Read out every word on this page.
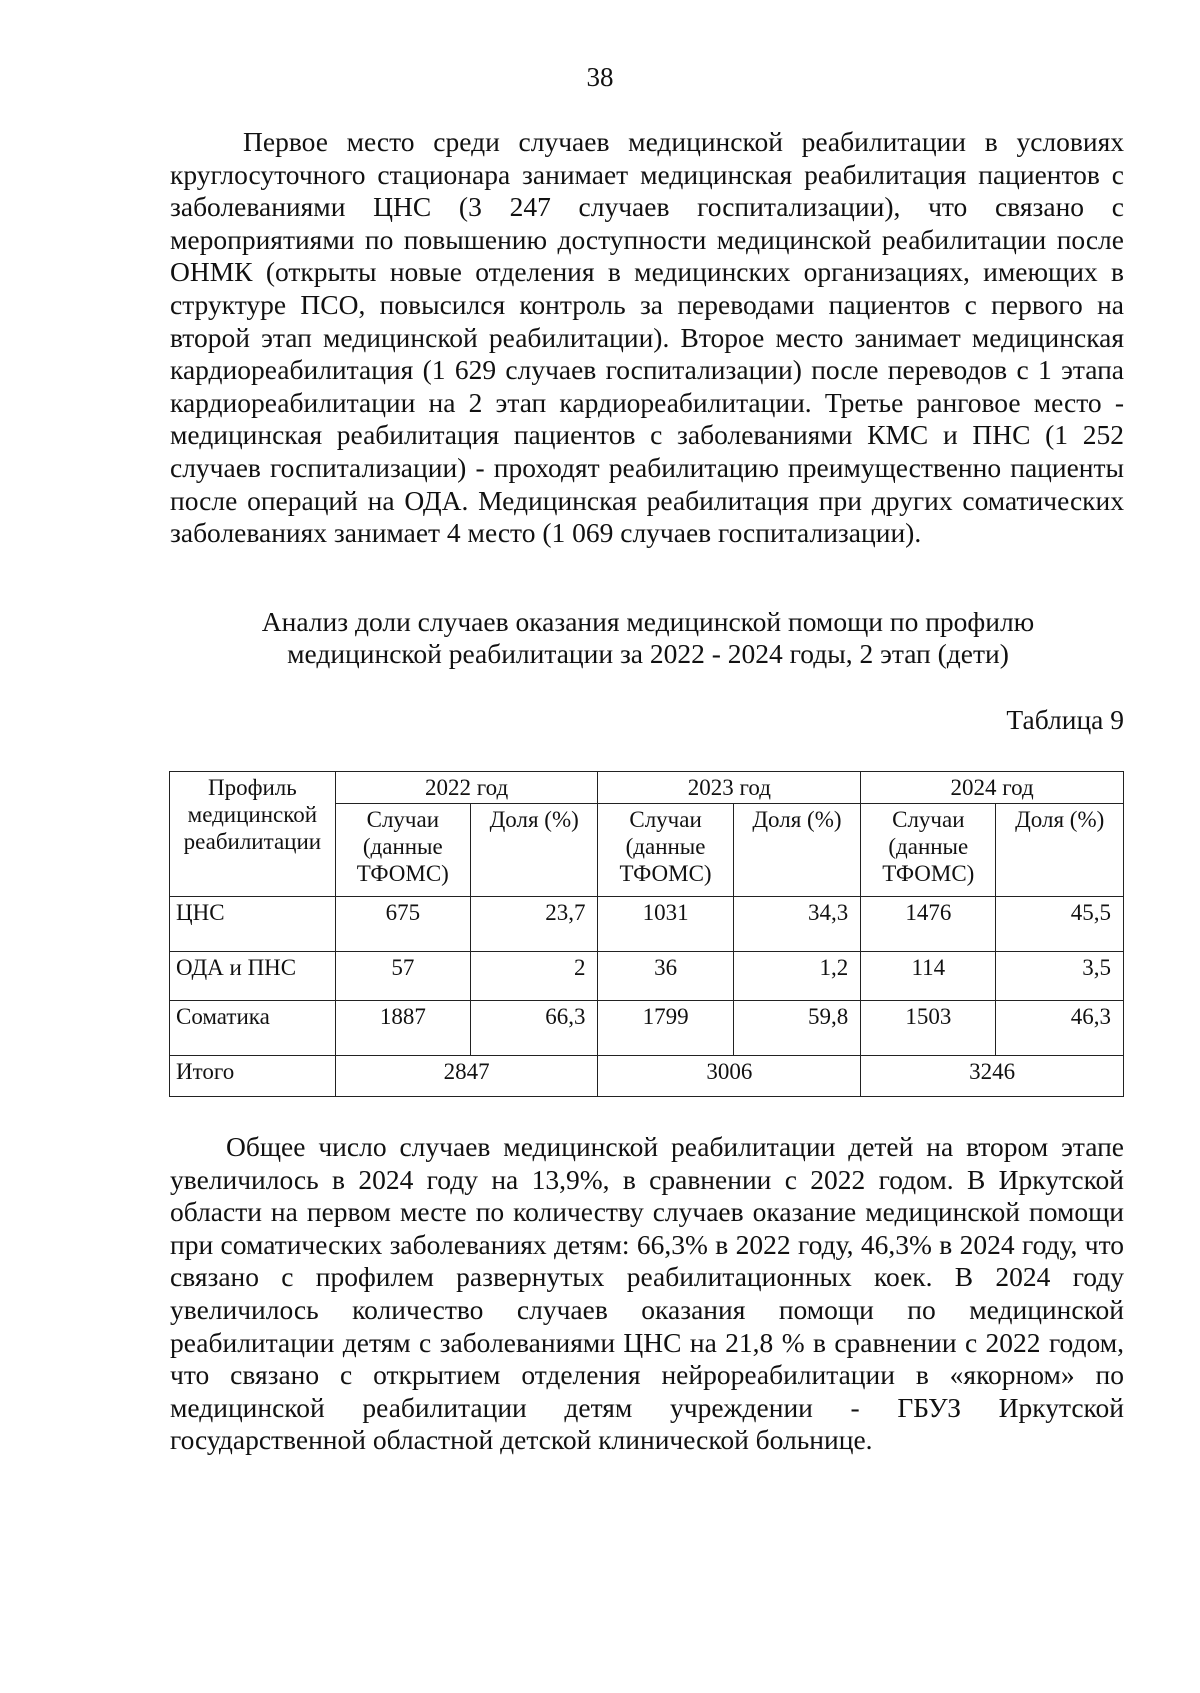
38

Первое место среди случаев медицинской реабилитации в условиях круглосуточного стационара занимает медицинская реабилитация пациентов с заболеваниями ЦНС (3 247 случаев госпитализации), что связано с мероприятиями по повышению доступности медицинской реабилитации после ОНМК (открыты новые отделения в медицинских организациях, имеющих в структуре ПСО, повысился контроль за переводами пациентов с первого на второй этап медицинской реабилитации). Второе место занимает медицинская кардиореабилитация (1 629 случаев госпитализации) после переводов с 1 этапа кардиореабилитации на 2 этап кардиореабилитации. Третье ранговое место - медицинская реабилитация пациентов с заболеваниями КМС и ПНС (1 252 случаев госпитализации) - проходят реабилитацию преимущественно пациенты после операций на ОДА. Медицинская реабилитация при других соматических заболеваниях занимает 4 место (1 069 случаев госпитализации).

Анализ доли случаев оказания медицинской помощи по профилю
медицинской реабилитации за 2022 - 2024 годы, 2 этап (дети)
Таблица 9
Профиль медицинской реабилитации	2022 год		2023 год		2024 год	
	Случаи (данные ТФОМС)	Доля (%)	Случаи (данные ТФОМС)	Доля (%)	Случаи (данные ТФОМС)	Доля (%)
ЦНС	675	23,7	1031	34,3	1476	45,5
ОДА и ПНС	57	2	36	1,2	114	3,5
Соматика	1887	66,3	1799	59,8	1503	46,3
Итого	2847		3006		3246	

Общее число случаев медицинской реабилитации детей на втором этапе увеличилось в 2024 году на 13,9%, в сравнении с 2022 годом. В Иркутской области на первом месте по количеству случаев оказание медицинской помощи при соматических заболеваниях детям: 66,3% в 2022 году, 46,3% в 2024 году, что связано с профилем развернутых реабилитационных коек. В 2024 году увеличилось количество случаев оказания помощи по медицинской реабилитации детям с заболеваниями ЦНС на 21,8 % в сравнении с 2022 годом, что связано с открытием отделения нейрореабилитации в «якорном» по медицинской реабилитации детям учреждении - ГБУЗ Иркутской государственной областной детской клинической больнице.
